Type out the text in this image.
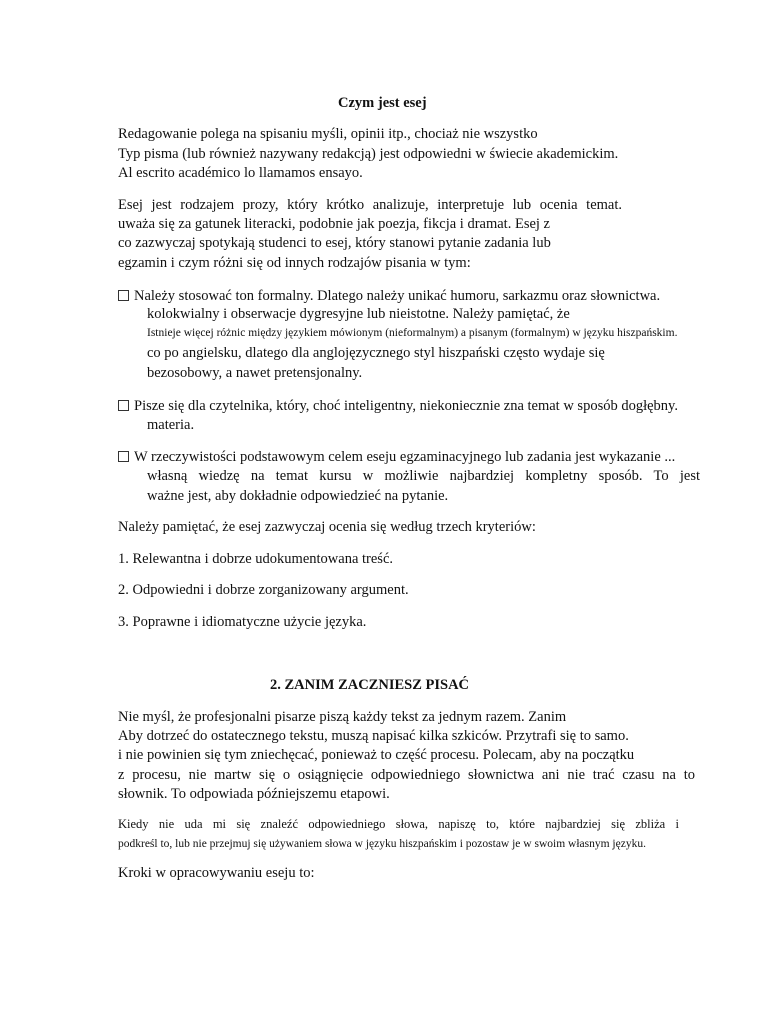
Czym jest esej
Redagowanie polega na spisaniu myśli, opinii itp., chociaż nie wszystko
Typ pisma (lub również nazywany redakcją) jest odpowiedni w świecie akademickim.
Al escrito académico lo llamamos ensayo.
Esej jest rodzajem prozy, który krótko analizuje, interpretuje lub ocenia temat.
uważa się za gatunek literacki, podobnie jak poezja, fikcja i dramat. Esej z
co zazwyczaj spotykają studenci to esej, który stanowi pytanie zadania lub
egzamin i czym różni się od innych rodzajów pisania w tym:
Należy stosować ton formalny. Dlatego należy unikać humoru, sarkazmu oraz słownictwa.
kolokwialny i obserwacje dygresyjne lub nieistotne. Należy pamiętać, że
Istnieje więcej różnic między językiem mówionym (nieformalnym) a pisanym (formalnym) w języku hiszpańskim.
co po angielsku, dlatego dla anglojęzycznego styl hiszpański często wydaje się
bezosobowy, a nawet pretensjonalny.
Pisze się dla czytelnika, który, choć inteligentny, niekoniecznie zna temat w sposób dogłębny.
materia.
W rzeczywistości podstawowym celem eseju egzaminacyjnego lub zadania jest wykazanie ...
własną wiedzę na temat kursu w możliwie najbardziej kompletny sposób. To jest
ważne jest, aby dokładnie odpowiedzieć na pytanie.
Należy pamiętać, że esej zazwyczaj ocenia się według trzech kryteriów:
1. Relewantna i dobrze udokumentowana treść.
2. Odpowiedni i dobrze zorganizowany argument.
3. Poprawne i idiomatyczne użycie języka.
2. ZANIM ZACZNIESZ PISAĆ
Nie myśl, że profesjonalni pisarze piszą każdy tekst za jednym razem. Zanim
Aby dotrzeć do ostatecznego tekstu, muszą napisać kilka szkiców. Przytrafi się to samo.
i nie powinien się tym zniechęcać, ponieważ to część procesu. Polecam, aby na początku
z procesu, nie martw się o osiągnięcie odpowiedniego słownictwa ani nie trać czasu na to
słownik. To odpowiada późniejszemu etapowi.
Kiedy nie uda mi się znaleźć odpowiedniego słowa, napiszę to, które najbardziej się zbliża i
podkreśl to, lub nie przejmuj się używaniem słowa w języku hiszpańskim i pozostaw je w swoim własnym języku.
Kroki w opracowywaniu eseju to:
